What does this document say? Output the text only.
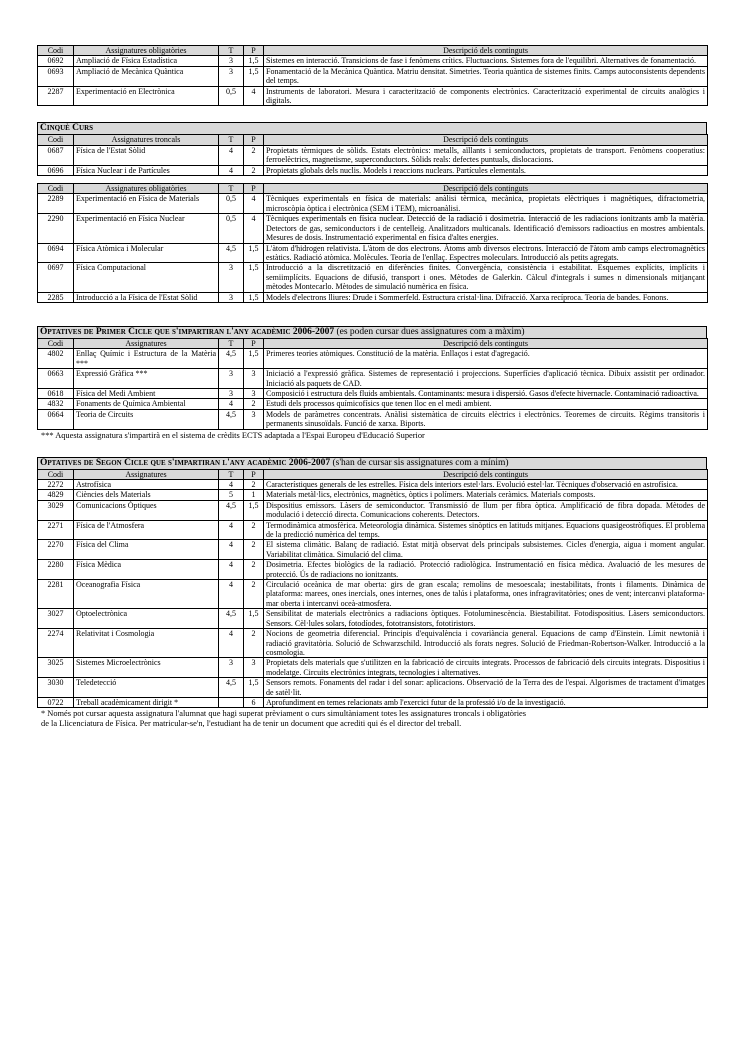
Codi	Assignatures obligatòries	T	P	Descripció dels continguts
0692	Ampliació de Física Estadística	3	1,5	Sistemes en interacció. Transicions de fase i fenòmens crítics. Fluctuacions. Sistemes fora de l'equilibri. Alternatives de fonamentació.
0693	Ampliació de Mecànica Quàntica	3	1,5	Fonamentació de la Mecànica Quàntica. Matriu densitat. Simetries. Teoria quàntica de sistemes finits. Camps autoconsistents dependents del temps.
2287	Experimentació en Electrònica	0,5	4	Instruments de laboratori. Mesura i caracterització de components electrònics. Caracterització experimental de circuits analògics i digitals.
Cinquè Curs
Codi	Assignatures troncals	T	P	Descripció dels continguts
0687	Física de l'Estat Sòlid	4	2	Propietats tèrmiques de sòlids. Estats electrònics: metalls, aïllants i semiconductors, propietats de transport. Fenòmens cooperatius: ferroelèctrics, magnetisme, superconductors. Sòlids reals: defectes puntuals, dislocacions.
0696	Física Nuclear i de Partícules	4	2	Propietats globals dels nuclis. Models i reaccions nuclears. Partícules elementals.
Codi	Assignatures obligatòries	T	P	Descripció dels continguts
2289	Experimentació en Física de Materials	0,5	4	Tècniques experimentals en física de materials: anàlisi tèrmica, mecànica, propietats elèctriques i magnètiques, difractometria, microscòpia òptica i electrònica (SEM i TEM), microanàlisi.
2290	Experimentació en Física Nuclear	0,5	4	Tècniques experimentals en física nuclear. Detecció de la radiació i dosimetria. Interacció de les radiacions ionitzants amb la matèria. Detectors de gas, semiconductors i de centelleig. Analitzadors multicanals. Identificació d'emissors radioactius en mostres ambientals. Mesures de dosis. Instrumentació experimental en física d'altes energies.
0694	Física Atòmica i Molecular	4,5	1,5	L'àtom d'hidrogen relativista. L'àtom de dos electrons. Àtoms amb diversos electrons. Interacció de l'àtom amb camps electromagnètics estàtics. Radiació atòmica. Molècules. Teoria de l'enllaç. Espectres moleculars. Introducció als petits agregats.
0697	Física Computacional	3	1,5	Introducció a la discretització en diferències finites. Convergència, consistència i estabilitat. Esquemes explícits, implícits i semiimplícits. Equacions de difusió, transport i ones. Mètodes de Galerkin. Càlcul d'integrals i sumes n dimensionals mitjançant mètodes Montecarlo. Mètodes de simulació numèrica en física.
2285	Introducció a la Física de l'Estat Sòlid	3	1,5	Models d'electrons lliures: Drude i Sommerfeld. Estructura cristal·lina. Difracció. Xarxa recíproca. Teoria de bandes. Fonons.
Optatives de Primer Cicle que s'impartiran l'any acadèmic 2006-2007 (es poden cursar dues assignatures com a màxim)
Codi	Assignatures	T	P	Descripció dels continguts
4802	Enllaç Químic i Estructura de la Matèria ***	4,5	1,5	Primeres teories atòmiques. Constitució de la matèria. Enllaços i estat d'agregació.
0663	Expressió Gràfica ***	3	3	Iniciació a l'expressió gràfica. Sistemes de representació i projeccions. Superfícies d'aplicació tècnica. Dibuix assistit per ordinador. Iniciació als paquets de CAD.
0618	Física del Medi Ambient	3	3	Composició i estructura dels fluids ambientals. Contaminants: mesura i dispersió. Gasos d'efecte hivernacle. Contaminació radioactiva.
4832	Fonaments de Química Ambiental	4	2	Estudi dels processos químicofísics que tenen lloc en el medi ambient.
0664	Teoria de Circuits	4,5	3	Models de paràmetres concentrats. Anàlisi sistemàtica de circuits elèctrics i electrònics. Teoremes de circuits. Règims transitoris i permanents sinusoïdals. Funció de xarxa. Biports.
*** Aquesta assignatura s'impartirà en el sistema de crèdits ECTS adaptada a l'Espai Europeu d'Educació Superior
Optatives de Segon Cicle que s'impartiran l'any acadèmic 2006-2007 (s'han de cursar sis assignatures com a mínim)
Codi	Assignatures	T	P	Descripció dels continguts
2272	Astrofísica	4	2	Característiques generals de les estrelles. Física dels interiors estel·lars. Evolució estel·lar. Tècniques d'observació en astrofísica.
4829	Ciències dels Materials	5	1	Materials metàl·lics, electrònics, magnètics, òptics i polímers. Materials ceràmics. Materials composts.
3029	Comunicacions Òptiques	4,5	1,5	Dispositius emissors. Làsers de semiconductor. Transmissió de llum per fibra òptica. Amplificació de fibra dopada. Mètodes de modulació i detecció directa. Comunicacions coherents. Detectors.
2271	Física de l'Atmosfera	4	2	Termodinàmica atmosfèrica. Meteorologia dinàmica. Sistemes sinòptics en latituds mitjanes. Equacions quasigeostròfiques. El problema de la predicció numèrica del temps.
2270	Física del Clima	4	2	El sistema climàtic. Balanç de radiació. Estat mitjà observat dels principals subsistemes. Cicles d'energia, aigua i moment angular. Variabilitat climàtica. Simulació del clima.
2280	Física Mèdica	4	2	Dosimetria. Efectes biològics de la radiació. Protecció radiològica. Instrumentació en física mèdica. Avaluació de les mesures de protecció. Ús de radiacions no ionitzants.
2281	Oceanografia Física	4	2	Circulació oceànica de mar oberta: girs de gran escala; remolins de mesoescala; inestabilitats, fronts i filaments. Dinàmica de plataforma: marees, ones inercials, ones internes, ones de talús i plataforma, ones infragravitatòries; ones de vent; intercanvi plataforma-mar oberta i intercanvi oceà-atmosfera.
3027	Optoelectrònica	4,5	1,5	Sensibilitat de materials electrònics a radiacions òptiques. Fotoluminescència. Biestabilitat. Fotodispositius. Làsers semiconductors. Sensors. Cèl·lules solars, fotodíodes, fototransistors, fototiristors.
2274	Relativitat i Cosmologia	4	2	Nocions de geometria diferencial. Principis d'equivalència i covariància general. Equacions de camp d'Einstein. Límit newtonià i radiació gravitatòria. Solució de Schwarzschild. Introducció als forats negres. Solució de Friedman-Robertson-Walker. Introducció a la cosmologia.
3025	Sistemes Microelectrònics	3	3	Propietats dels materials que s'utilitzen en la fabricació de circuits integrats. Processos de fabricació dels circuits integrats. Dispositius i modelatge. Circuits electrònics integrats, tecnologies i alternatives.
3030	Teledetecció	4,5	1,5	Sensors remots. Fonaments del radar i del sonar: aplicacions. Observació de la Terra des de l'espai. Algorismes de tractament d'imatges de satèl·lit.
0722	Treball acadèmicament dirigit *		6	Aprofundiment en temes relacionats amb l'exercici futur de la professió i/o de la investigació.
* Només pot cursar aquesta assignatura l'alumnat que hagi superat prèviament o curs simultàniament totes les assignatures troncals i obligatòries
de la Llicenciatura de Física. Per matricular-se'n, l'estudiant ha de tenir un document que acrediti qui és el director del treball.
